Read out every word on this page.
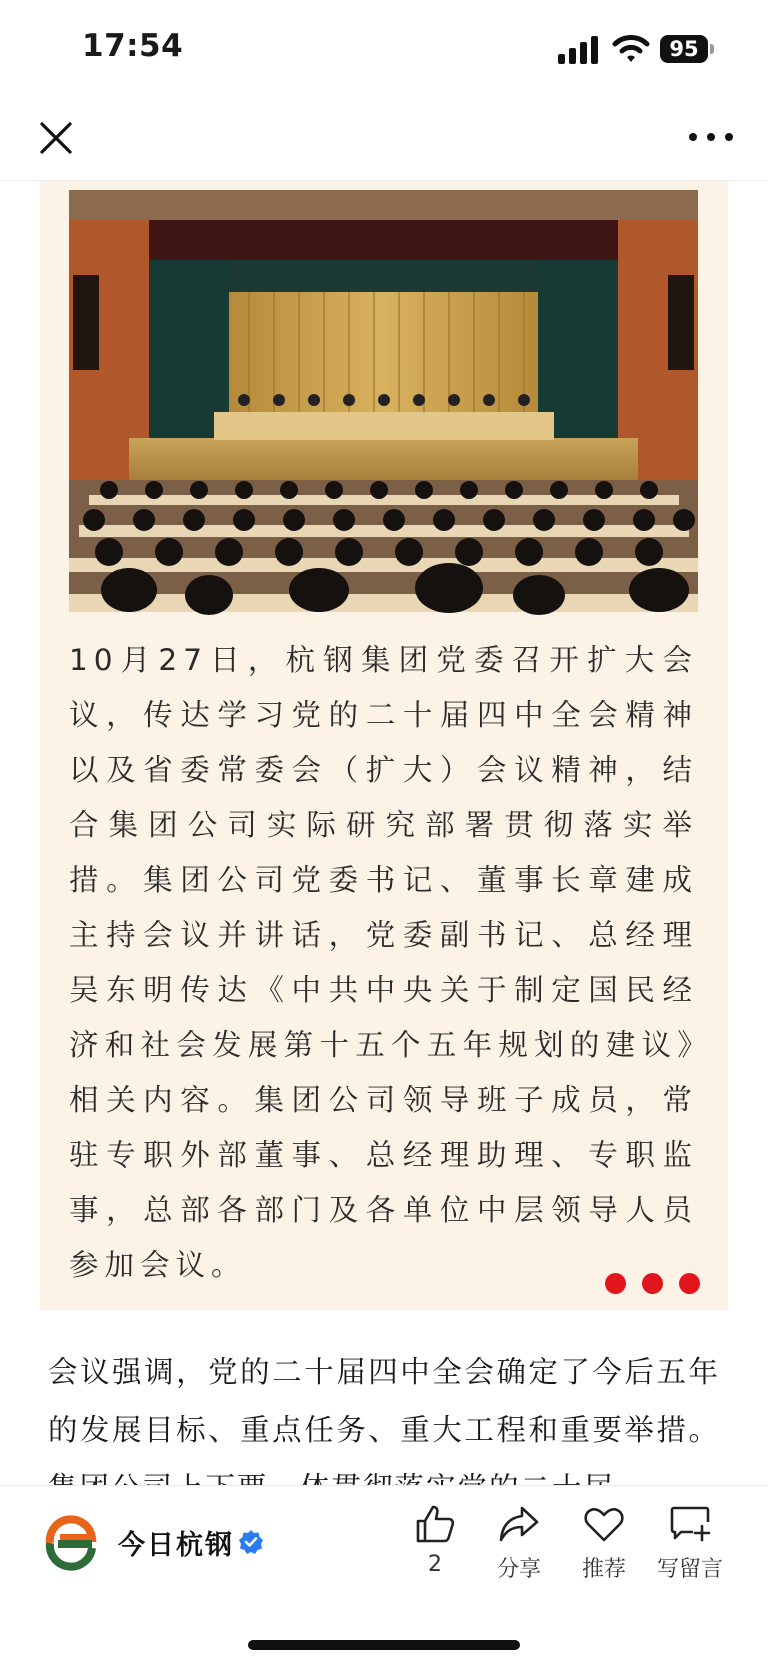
17:54	95

10月27日，杭钢集团党委召开扩大会议，传达学习党的二十届四中全会精神以及省委常委会（扩大）会议精神，结合集团公司实际研究部署贯彻落实举措。集团公司党委书记、董事长章建成主持会议并讲话，党委副书记、总经理吴东明传达《中共中央关于制定国民经济和社会发展第十五个五年规划的建议》相关内容。集团公司领导班子成员，常驻专职外部董事、总经理助理、专职监事，总部各部门及各单位中层领导人员参加会议。

会议强调，党的二十届四中全会确定了今后五年的发展目标、重点任务、重大工程和重要举措。

今日杭钢
2	分享	推荐	写留言
